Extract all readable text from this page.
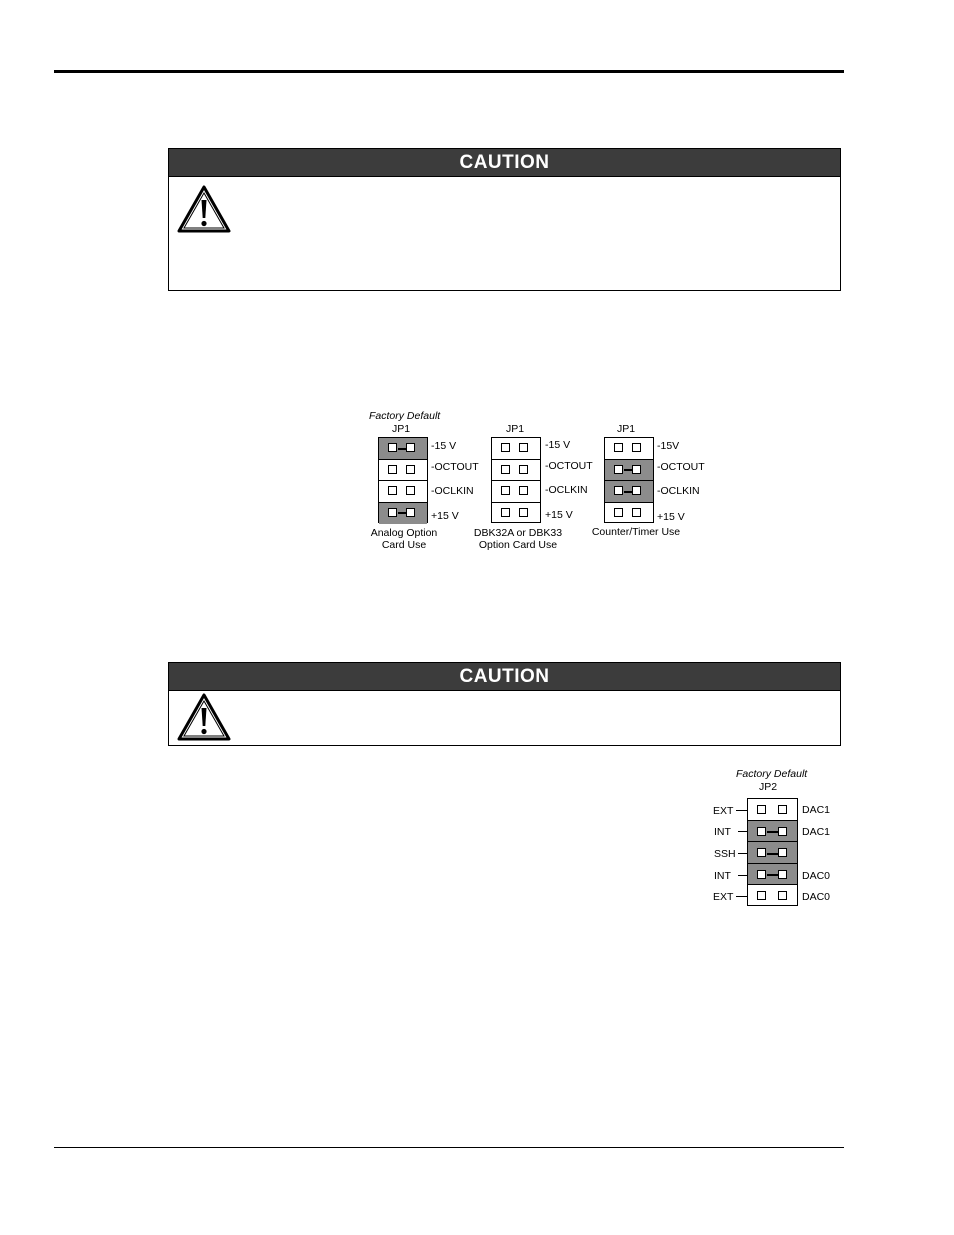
CAUTION
Factory Default
JP1
-15 V
-OCTOUT
-OCLKIN
+15 V
Analog Option
Card Use
JP1
-15 V
-OCTOUT
-OCLKIN
+15 V
DBK32A or DBK33
Option Card Use
JP1
-15V
-OCTOUT
-OCLKIN
+15 V
Counter/Timer Use
CAUTION
Factory Default
JP2
EXT
INT
SSH
INT
EXT
DAC1
DAC1
DAC0
DAC0
